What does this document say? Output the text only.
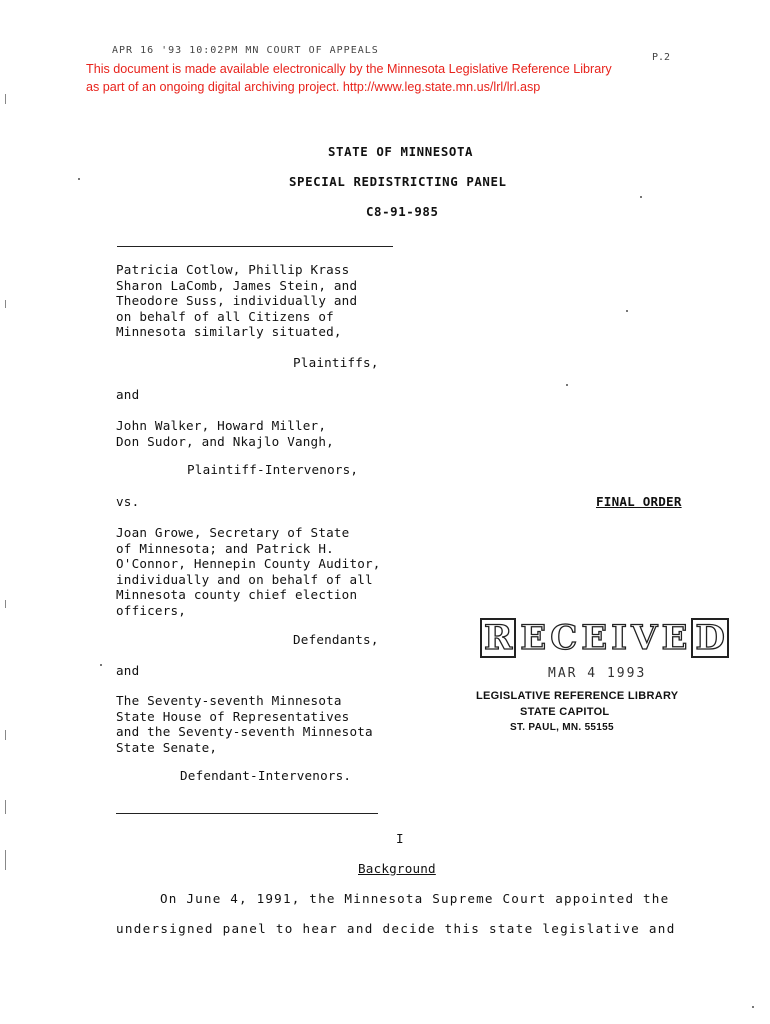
APR 16 '93 10:02PM MN COURT OF APPEALS
P.2
This document is made available electronically by the Minnesota Legislative Reference Library
as part of an ongoing digital archiving project. http://www.leg.state.mn.us/lrl/lrl.asp
STATE OF MINNESOTA
SPECIAL REDISTRICTING PANEL
C8-91-985
Patricia Cotlow, Phillip Krass
Sharon LaComb, James Stein, and
Theodore Suss, individually and
on behalf of all Citizens of
Minnesota similarly situated,
Plaintiffs,
and
John Walker, Howard Miller,
Don Sudor, and Nkajlo Vangh,
Plaintiff-Intervenors,
vs.	FINAL ORDER
Joan Growe, Secretary of State
of Minnesota; and Patrick H.
O'Connor, Hennepin County Auditor,
individually and on behalf of all
Minnesota county chief election
officers,
Defendants,
and
The Seventy-seventh Minnesota
State House of Representatives
and the Seventy-seventh Minnesota
State Senate,
Defendant-Intervenors.
R E C E I V E D
MAR 4 1993
LEGISLATIVE REFERENCE LIBRARY
STATE CAPITOL
ST. PAUL, MN. 55155
I
Background
On June 4, 1991, the Minnesota Supreme Court appointed the
undersigned panel to hear and decide this state legislative and
